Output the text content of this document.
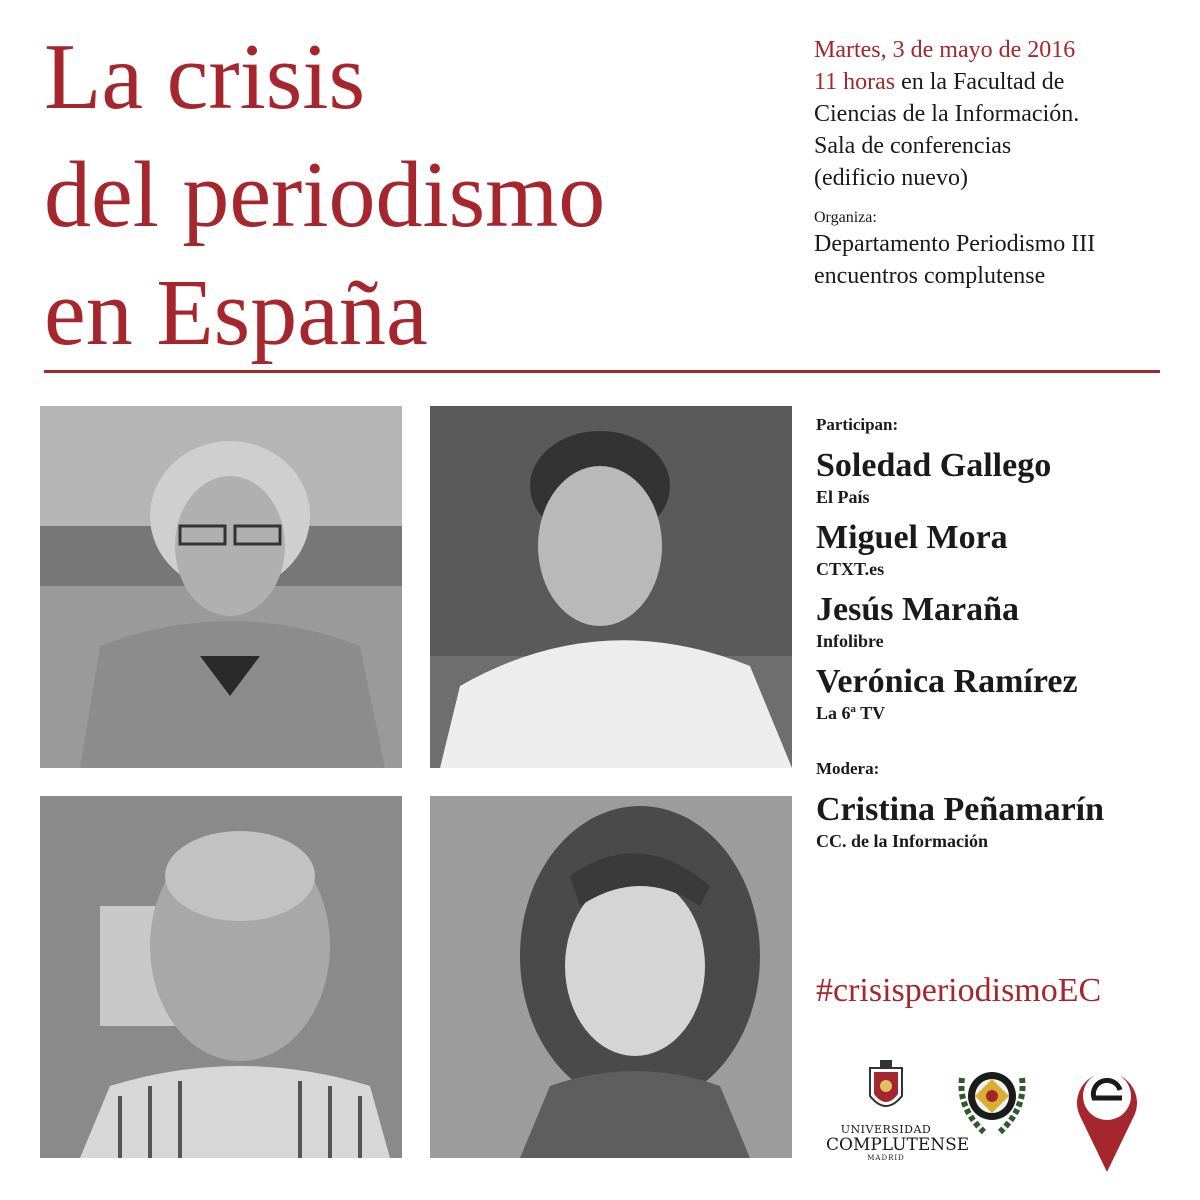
La crisis
del periodismo
en España
Martes, 3 de mayo de 2016
11 horas en la Facultad de
Ciencias de la Información.
Sala de conferencias
(edificio nuevo)
Organiza:
Departamento Periodismo III
encuentros complutense
Participan:
Soledad Gallego
El País
Miguel Mora
CTXT.es
Jesús Maraña
Infolibre
Verónica Ramírez
La 6ª TV
Modera:
Cristina Peñamarín
CC. de la Información
#crisisperiodismoEC
UNIVERSIDAD
COMPLUTENSE
MADRID
